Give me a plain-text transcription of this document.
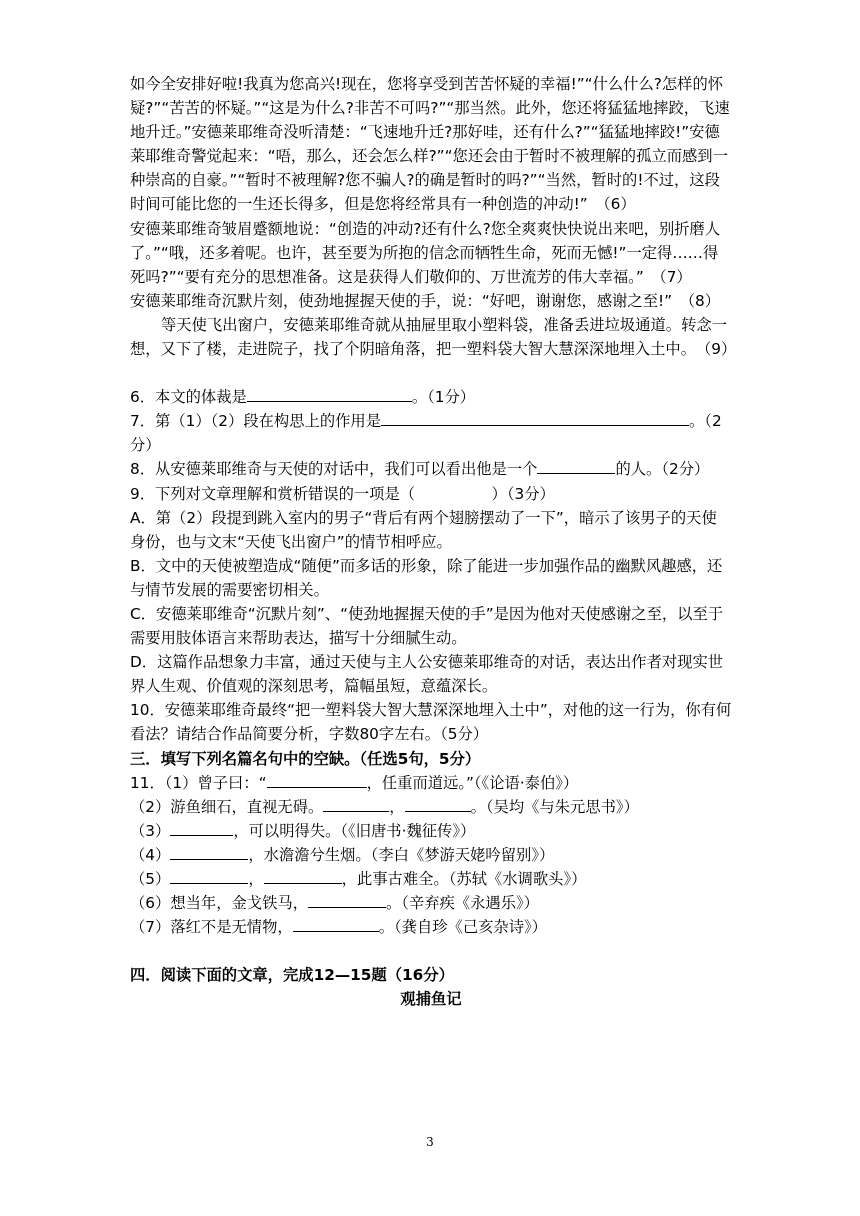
如今全安排好啦!我真为您高兴!现在，您将享受到苦苦怀疑的幸福!”“什么什么?怎样的怀疑?”“苦苦的怀疑。”“这是为什么?非苦不可吗?”“那当然。此外，您还将猛猛地摔跤，飞速地升迁。”安德莱耶维奇没听清楚：“飞速地升迁?那好哇，还有什么?”“猛猛地摔跤!”安德莱耶维奇警觉起来：“唔，那么，还会怎么样?”“您还会由于暂时不被理解的孤立而感到一种崇高的自豪。”“暂时不被理解?您不骗人?的确是暂时的吗?”“当然，暂时的!不过，这段时间可能比您的一生还长得多，但是您将经常具有一种创造的冲动!”　（6）

安德莱耶维奇皱眉蹙额地说：“创造的冲动?还有什么?您全爽爽快快说出来吧，别折磨人了。”“哦，还多着呢。也许，甚至要为所抱的信念而牺牲生命，死而无憾!”一定得……得死吗?”“要有充分的思想准备。这是获得人们敬仰的、万世流芳的伟大幸福。”　（7）

安德莱耶维奇沉默片刻，使劲地握握天使的手，说：“好吧，谢谢您，感谢之至!”　（8）

等天使飞出窗户，安德莱耶维奇就从抽屉里取小塑料袋，准备丢进垃圾通道。转念一想，又下了楼，走进院子，找了个阴暗角落，把一塑料袋大智大慧深深地埋入土中。　（9）

6．本文的体裁是	。（1分）

7．第（1）（2）段在构思上的作用是	。（2分）

8．从安德莱耶维奇与天使的对话中，我们可以看出他是一个	的人。（2分）

9．下列对文章理解和赏析错误的一项是（　　　　　）（3分）

A．第（2）段提到跳入室内的男子“背后有两个翅膀摆动了一下”，暗示了该男子的天使身份，也与文末“天使飞出窗户”的情节相呼应。

B．文中的天使被塑造成“随便”而多话的形象，除了能进一步加强作品的幽默风趣感，还与情节发展的需要密切相关。

C．安德莱耶维奇“沉默片刻”、“使劲地握握天使的手”是因为他对天使感谢之至，以至于需要用肢体语言来帮助表达，描写十分细腻生动。

D．这篇作品想象力丰富，通过天使与主人公安德莱耶维奇的对话，表达出作者对现实世界人生观、价值观的深刻思考，篇幅虽短，意蕴深长。

10．安德莱耶维奇最终“把一塑料袋大智大慧深深地埋入土中”，对他的这一行为，你有何看法？请结合作品简要分析，字数80字左右。（5分）

三．填写下列名篇名句中的空缺。（任选5句，5分）

11．（1）曾子曰：“	，任重而道远。”（《论语·泰伯》）

（2）游鱼细石，直视无碍。	，	。（吴均《与朱元思书》）

（3）	，可以明得失。（《旧唐书·魏征传》）

（4）	，水澹澹兮生烟。（李白《梦游天姥吟留别》）

（5）	，	，此事古难全。（苏轼《水调歌头》）

（6）想当年，金戈铁马，	。（辛弃疾《永遇乐》）

（7）落红不是无情物，	。（龚自珍《己亥杂诗》）

四．阅读下面的文章，完成12—15题（16分）

观捕鱼记

3
